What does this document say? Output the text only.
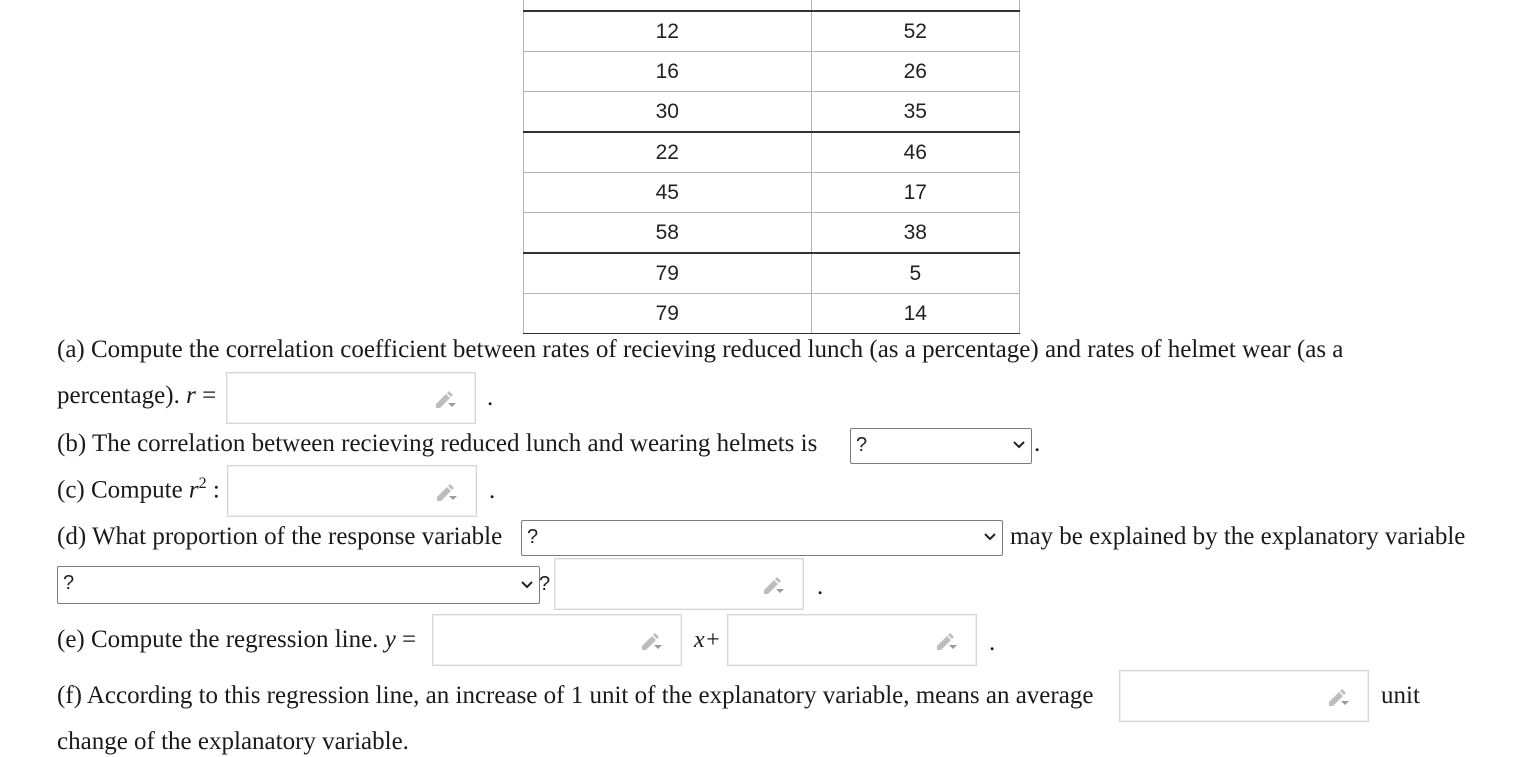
12	52
16	26
30	35
22	46
45	17
58	38
79	5
79	14
(a) Compute the correlation coefficient between rates of recieving reduced lunch (as a percentage) and rates of helmet wear (as a
percentage). r =	.
(b) The correlation between recieving reduced lunch and wearing helmets is ?	.
(c) Compute $r^2$ :	.
(d) What proportion of the response variable ?	may be explained by the explanatory variable
?	?	.
(e) Compute the regression line. y =	x+	.
(f) According to this regression line, an increase of 1 unit of the explanatory variable, means an average	unit
change of the explanatory variable.
